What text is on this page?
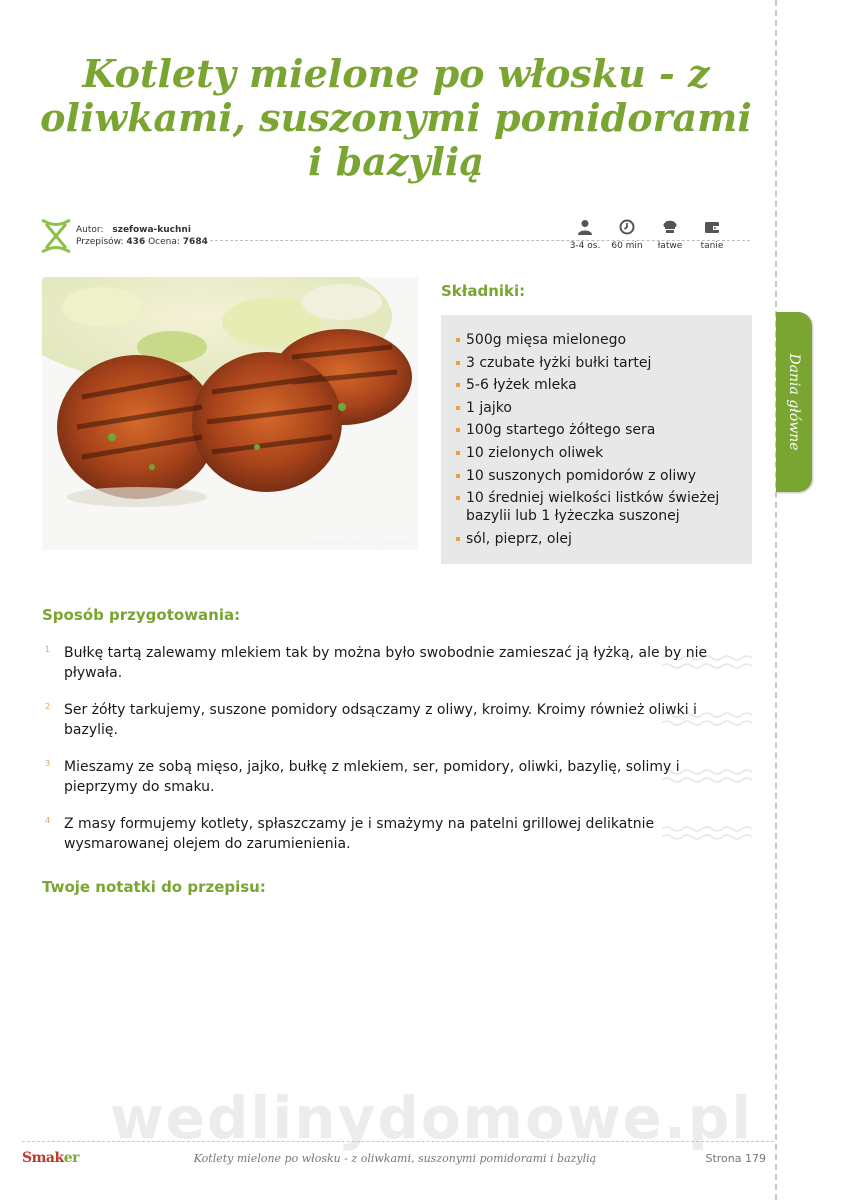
Kotlety mielone po włosku - z oliwkami, suszonymi pomidorami i bazylią
Autor: szefowa-kuchni
Przepisów: 436 Ocena: 7684	3-4 os.	60 min	łatwe	tanie
szefowa-kuchni | Smaker
Składniki:
500g mięsa mielonego
3 czubate łyżki bułki tartej
5-6 łyżek mleka
1 jajko
100g startego żółtego sera
10 zielonych oliwek
10 suszonych pomidorów z oliwy
10 średniej wielkości listków świeżej bazylii lub 1 łyżeczka suszonej
sól, pieprz, olej
Sposób przygotowania:
1 Bułkę tartą zalewamy mlekiem tak by można było swobodnie zamieszać ją łyżką, ale by nie pływała.
2 Ser żółty tarkujemy, suszone pomidory odsączamy z oliwy, kroimy. Kroimy również oliwki i bazylię.
3 Mieszamy ze sobą mięso, jajko, bułkę z mlekiem, ser, pomidory, oliwki, bazylię, solimy i pieprzymy do smaku.
4 Z masy formujemy kotlety, spłaszczamy je i smażymy na patelni grillowej delikatnie wysmarowanej olejem do zarumienienia.
Twoje notatki do przepisu:
Dania główne
wedlinydomowe.pl
Smaker	Kotlety mielone po włosku - z oliwkami, suszonymi pomidorami i bazylią	Strona 179
